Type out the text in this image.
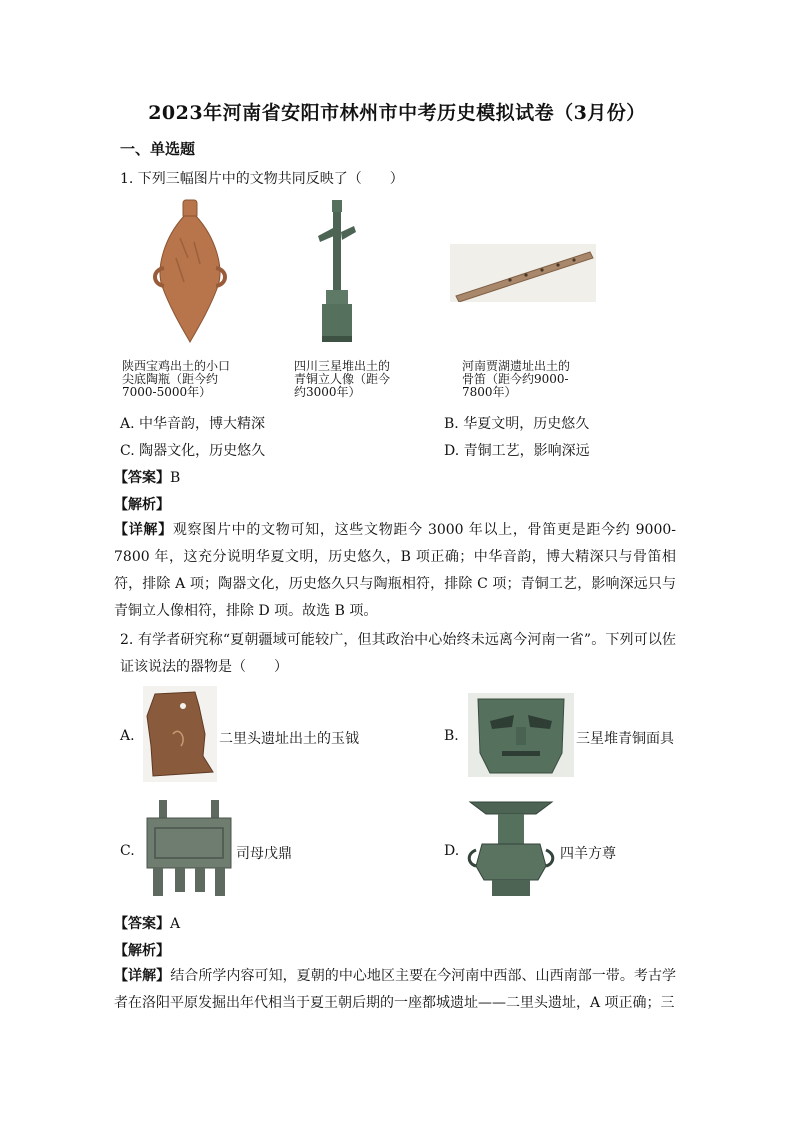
2023年河南省安阳市林州市中考历史模拟试卷（3月份）
一、单选题
1. 下列三幅图片中的文物共同反映了（　　）
陕西宝鸡出土的小口
尖底陶瓶（距今约
7000-5000年）
四川三星堆出土的
青铜立人像（距今
约3000年）
河南贾湖遗址出土的
骨笛（距今约9000-
7800年）
A. 中华音韵，博大精深	B. 华夏文明，历史悠久
C. 陶器文化，历史悠久	D. 青铜工艺，影响深远
【答案】B
【解析】
【详解】观察图片中的文物可知，这些文物距今 3000 年以上，骨笛更是距今约 9000-7800 年，这充分说明华夏文明，历史悠久，B 项正确；中华音韵，博大精深只与骨笛相符，排除 A 项；陶器文化，历史悠久只与陶瓶相符，排除 C 项；青铜工艺，影响深远只与青铜立人像相符，排除 D 项。故选 B 项。
2. 有学者研究称“夏朝疆域可能较广，但其政治中心始终未远离今河南一省”。下列可以佐证该说法的器物是（　　）
A.	二里头遗址出土的玉钺	B.	三星堆青铜面具
C.	司母戊鼎	D.	四羊方尊
【答案】A
【解析】
【详解】结合所学内容可知，夏朝的中心地区主要在今河南中西部、山西南部一带。考古学者在洛阳平原发掘出年代相当于夏王朝后期的一座都城遗址——二里头遗址，A 项正确；三
